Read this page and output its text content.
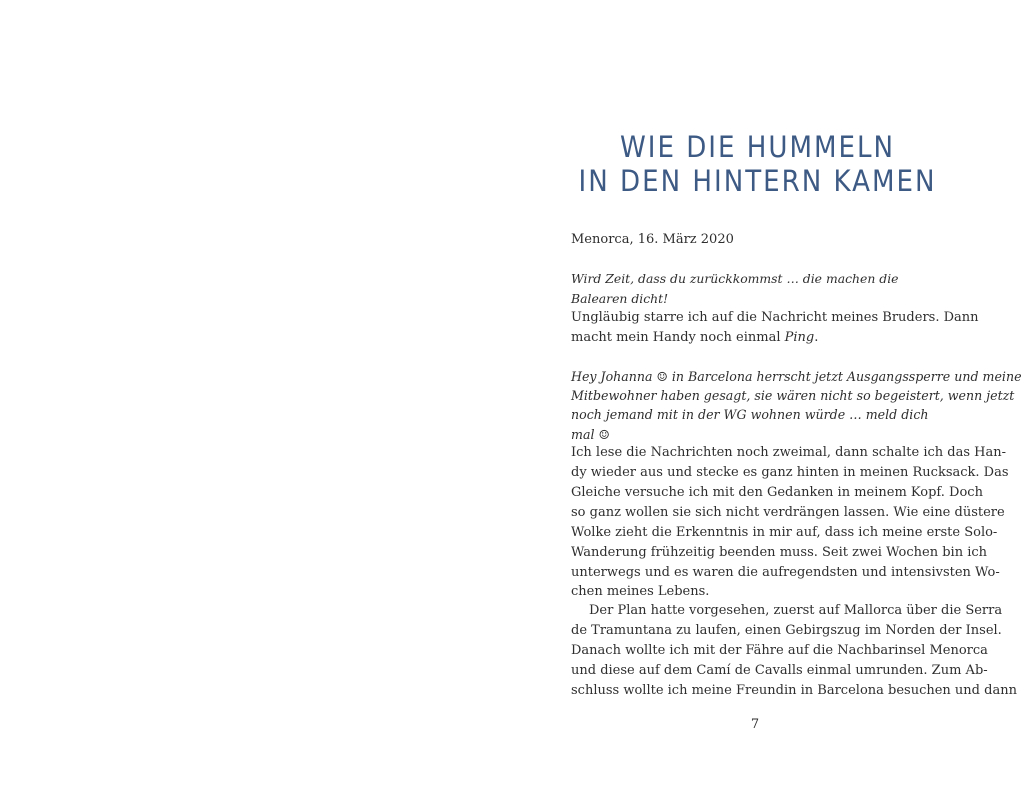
WIE DIE HUMMELN
IN DEN HINTERN KAMEN

Menorca, 16. März 2020

Wird Zeit, dass du zurückkommst … die machen die Balearen dicht!

Ungläubig starre ich auf die Nachricht meines Bruders. Dann

macht mein Handy noch einmal Ping.

Hey Johanna ☺ in Barcelona herrscht jetzt Ausgangssperre und meine

Mitbewohner haben gesagt, sie wären nicht so begeistert, wenn jetzt

noch jemand mit in der WG wohnen würde … meld dich mal ☺

Ich lese die Nachrichten noch zweimal, dann schalte ich das Han-

dy wieder aus und stecke es ganz hinten in meinen Rucksack. Das

Gleiche versuche ich mit den Gedanken in meinem Kopf. Doch

so ganz wollen sie sich nicht verdrängen lassen. Wie eine düstere

Wolke zieht die Erkenntnis in mir auf, dass ich meine erste Solo-

Wanderung frühzeitig beenden muss. Seit zwei Wochen bin ich

unterwegs und es waren die aufregendsten und intensivsten Wo-

chen meines Lebens.

Der Plan hatte vorgesehen, zuerst auf Mallorca über die Serra

de Tramuntana zu laufen, einen Gebirgszug im Norden der Insel.

Danach wollte ich mit der Fähre auf die Nachbarinsel Menorca

und diese auf dem Camí de Cavalls einmal umrunden. Zum Ab-

schluss wollte ich meine Freundin in Barcelona besuchen und dann

7
